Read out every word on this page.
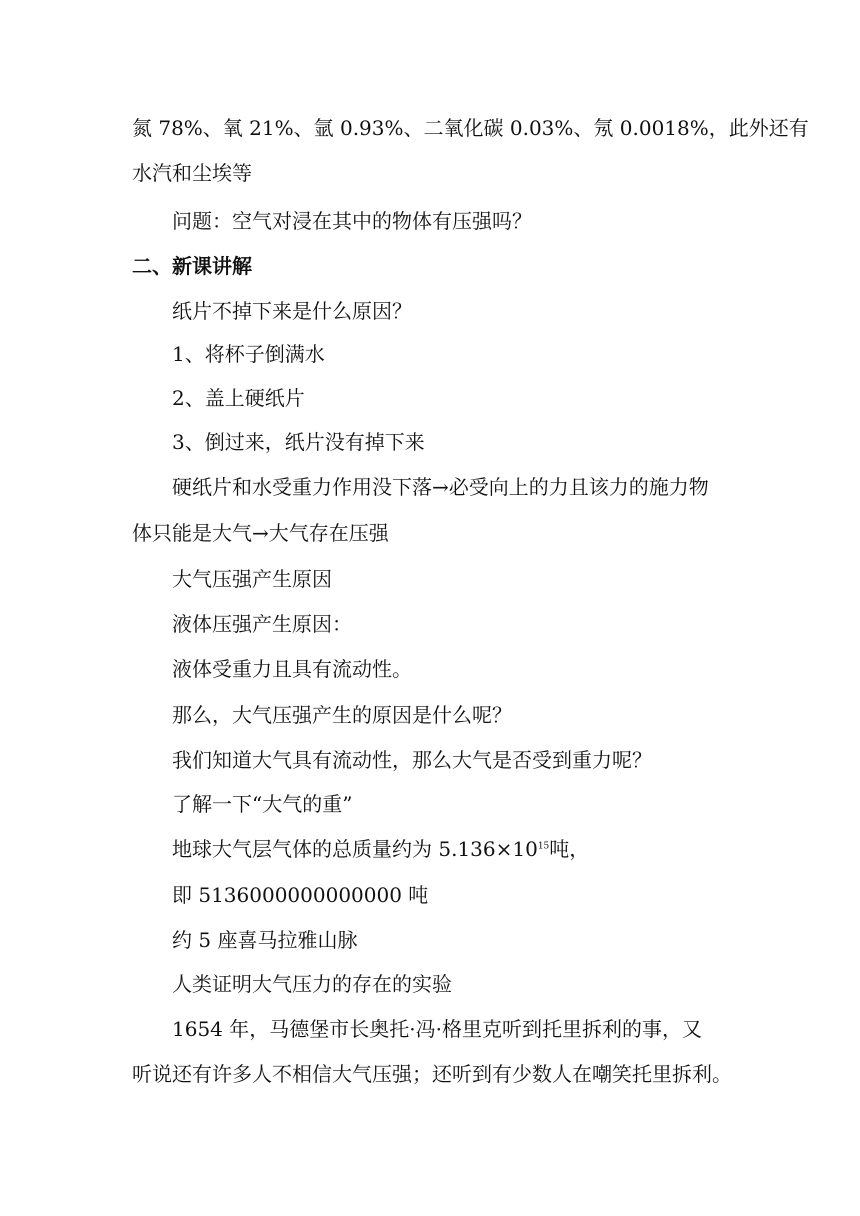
氮 78%、氧 21%、氩 0.93%、二氧化碳 0.03%、氖 0.0018%，此外还有
水汽和尘埃等
问题：空气对浸在其中的物体有压强吗？
二、新课讲解
纸片不掉下来是什么原因？
1、将杯子倒满水
2、盖上硬纸片
3、倒过来，纸片没有掉下来
硬纸片和水受重力作用没下落→必受向上的力且该力的施力物
体只能是大气→大气存在压强
大气压强产生原因
液体压强产生原因：
液体受重力且具有流动性。
那么，大气压强产生的原因是什么呢？
我们知道大气具有流动性，那么大气是否受到重力呢？
了解一下“大气的重”
地球大气层气体的总质量约为 $5.136\times 10^{15}$吨，
即 5136000000000000 吨
约 5 座喜马拉雅山脉
人类证明大气压力的存在的实验
1654 年，马德堡市长奥托·冯·格里克听到托里拆利的事，又
听说还有许多人不相信大气压强；还听到有少数人在嘲笑托里拆利。
